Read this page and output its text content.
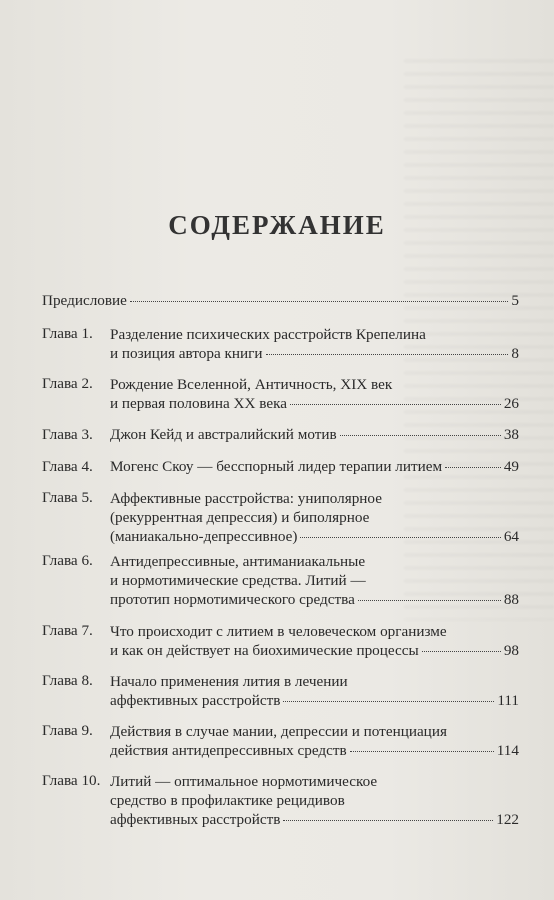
СОДЕРЖАНИЕ
Предисловие	5
Глава 1. Разделение психических расстройств Крепелина
и позиция автора книги	8
Глава 2. Рождение Вселенной, Античность, XIX век
и первая половина XX века	26
Глава 3. Джон Кейд и австралийский мотив	38
Глава 4. Могенс Скоу — бесспорный лидер терапии литием	49
Глава 5. Аффективные расстройства: униполярное
(рекуррентная депрессия) и биполярное
(маниакально-депрессивное)	64
Глава 6. Антидепрессивные, антиманиакальные
и нормотимические средства. Литий —
прототип нормотимического средства	88
Глава 7. Что происходит с литием в человеческом организме
и как он действует на биохимические процессы	98
Глава 8. Начало применения лития в лечении
аффективных расстройств	111
Глава 9. Действия в случае мании, депрессии и потенциация
действия антидепрессивных средств	114
Глава 10. Литий — оптимальное нормотимическое
средство в профилактике рецидивов
аффективных расстройств	122
